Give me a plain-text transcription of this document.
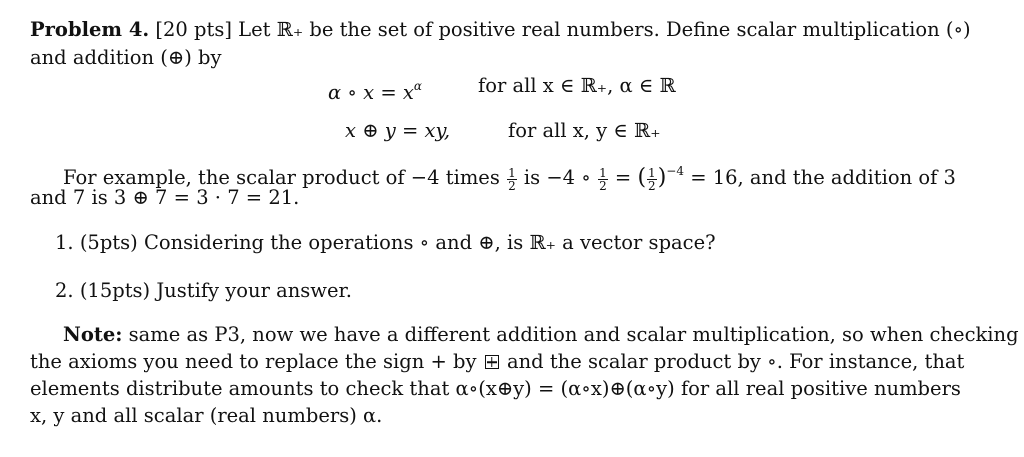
Problem 4. [20 pts] Let ℝ₊ be the set of positive real numbers. Define scalar multiplication (∘)
and addition (⊕) by
α ∘ $x = x^\alpha$	for all x ∈ ℝ₊, α ∈ ℝ
x ⊕ y = xy,	for all x, y ∈ ℝ₊
For example, the scalar product of −4 times $\frac{1}{2}$ is −4 ∘ $\frac{1}{2}$ = ( $\frac{1}{2} )^{-4} = 16$, and the addition of 3
and 7 is 3 ⊕ 7 = 3 · 7 = 21.
1. (5pts) Considering the operations ∘ and ⊕, is ℝ₊ a vector space?
2. (15pts) Justify your answer.
Note: same as P3, now we have a different addition and scalar multiplication, so when checking
the axioms you need to replace the sign + by and the scalar product by ∘. For instance, that
elements distribute amounts to check that α∘(x⊕y) = (α∘x)⊕(α∘y) for all real positive numbers
x, y and all scalar (real numbers) α.
